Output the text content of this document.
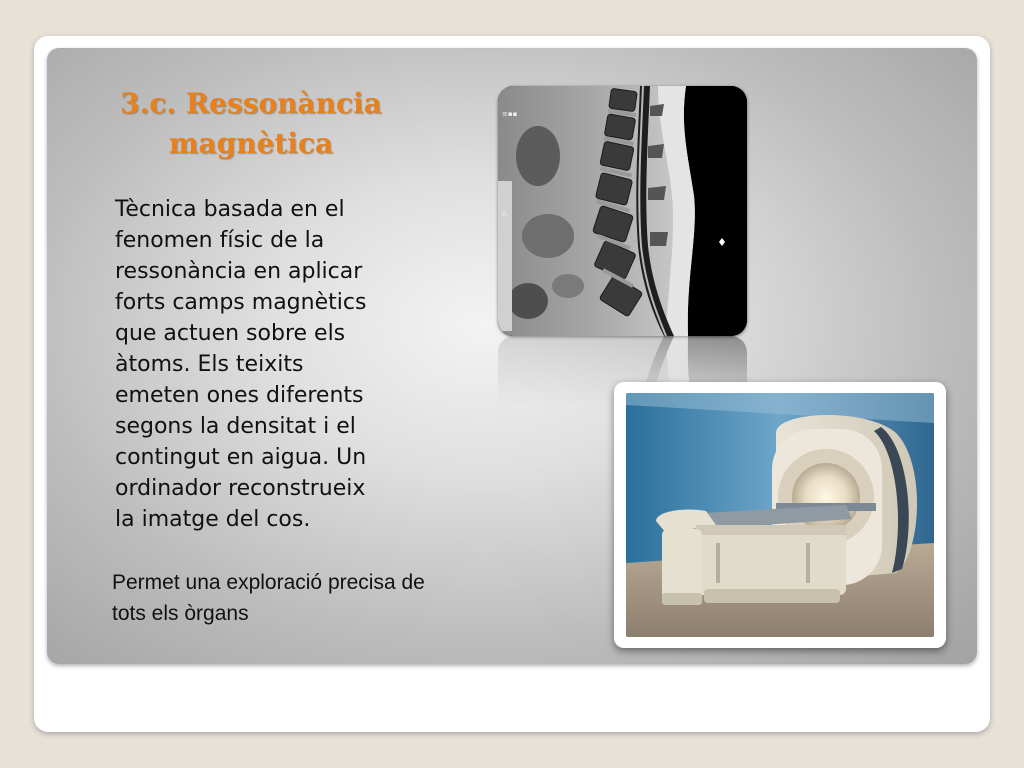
3.c. Ressonància
magnètica

Tècnica basada en el
fenomen físic de la
ressonància en aplicar
forts camps magnètics
que actuen sobre els
àtoms. Els teixits
emeten ones diferents
segons la densitat i el
contingut en aigua. Un
ordinador reconstrueix
la imatge del cos.

Permet una exploració precisa de
tots els òrgans

≡▪▪
A
